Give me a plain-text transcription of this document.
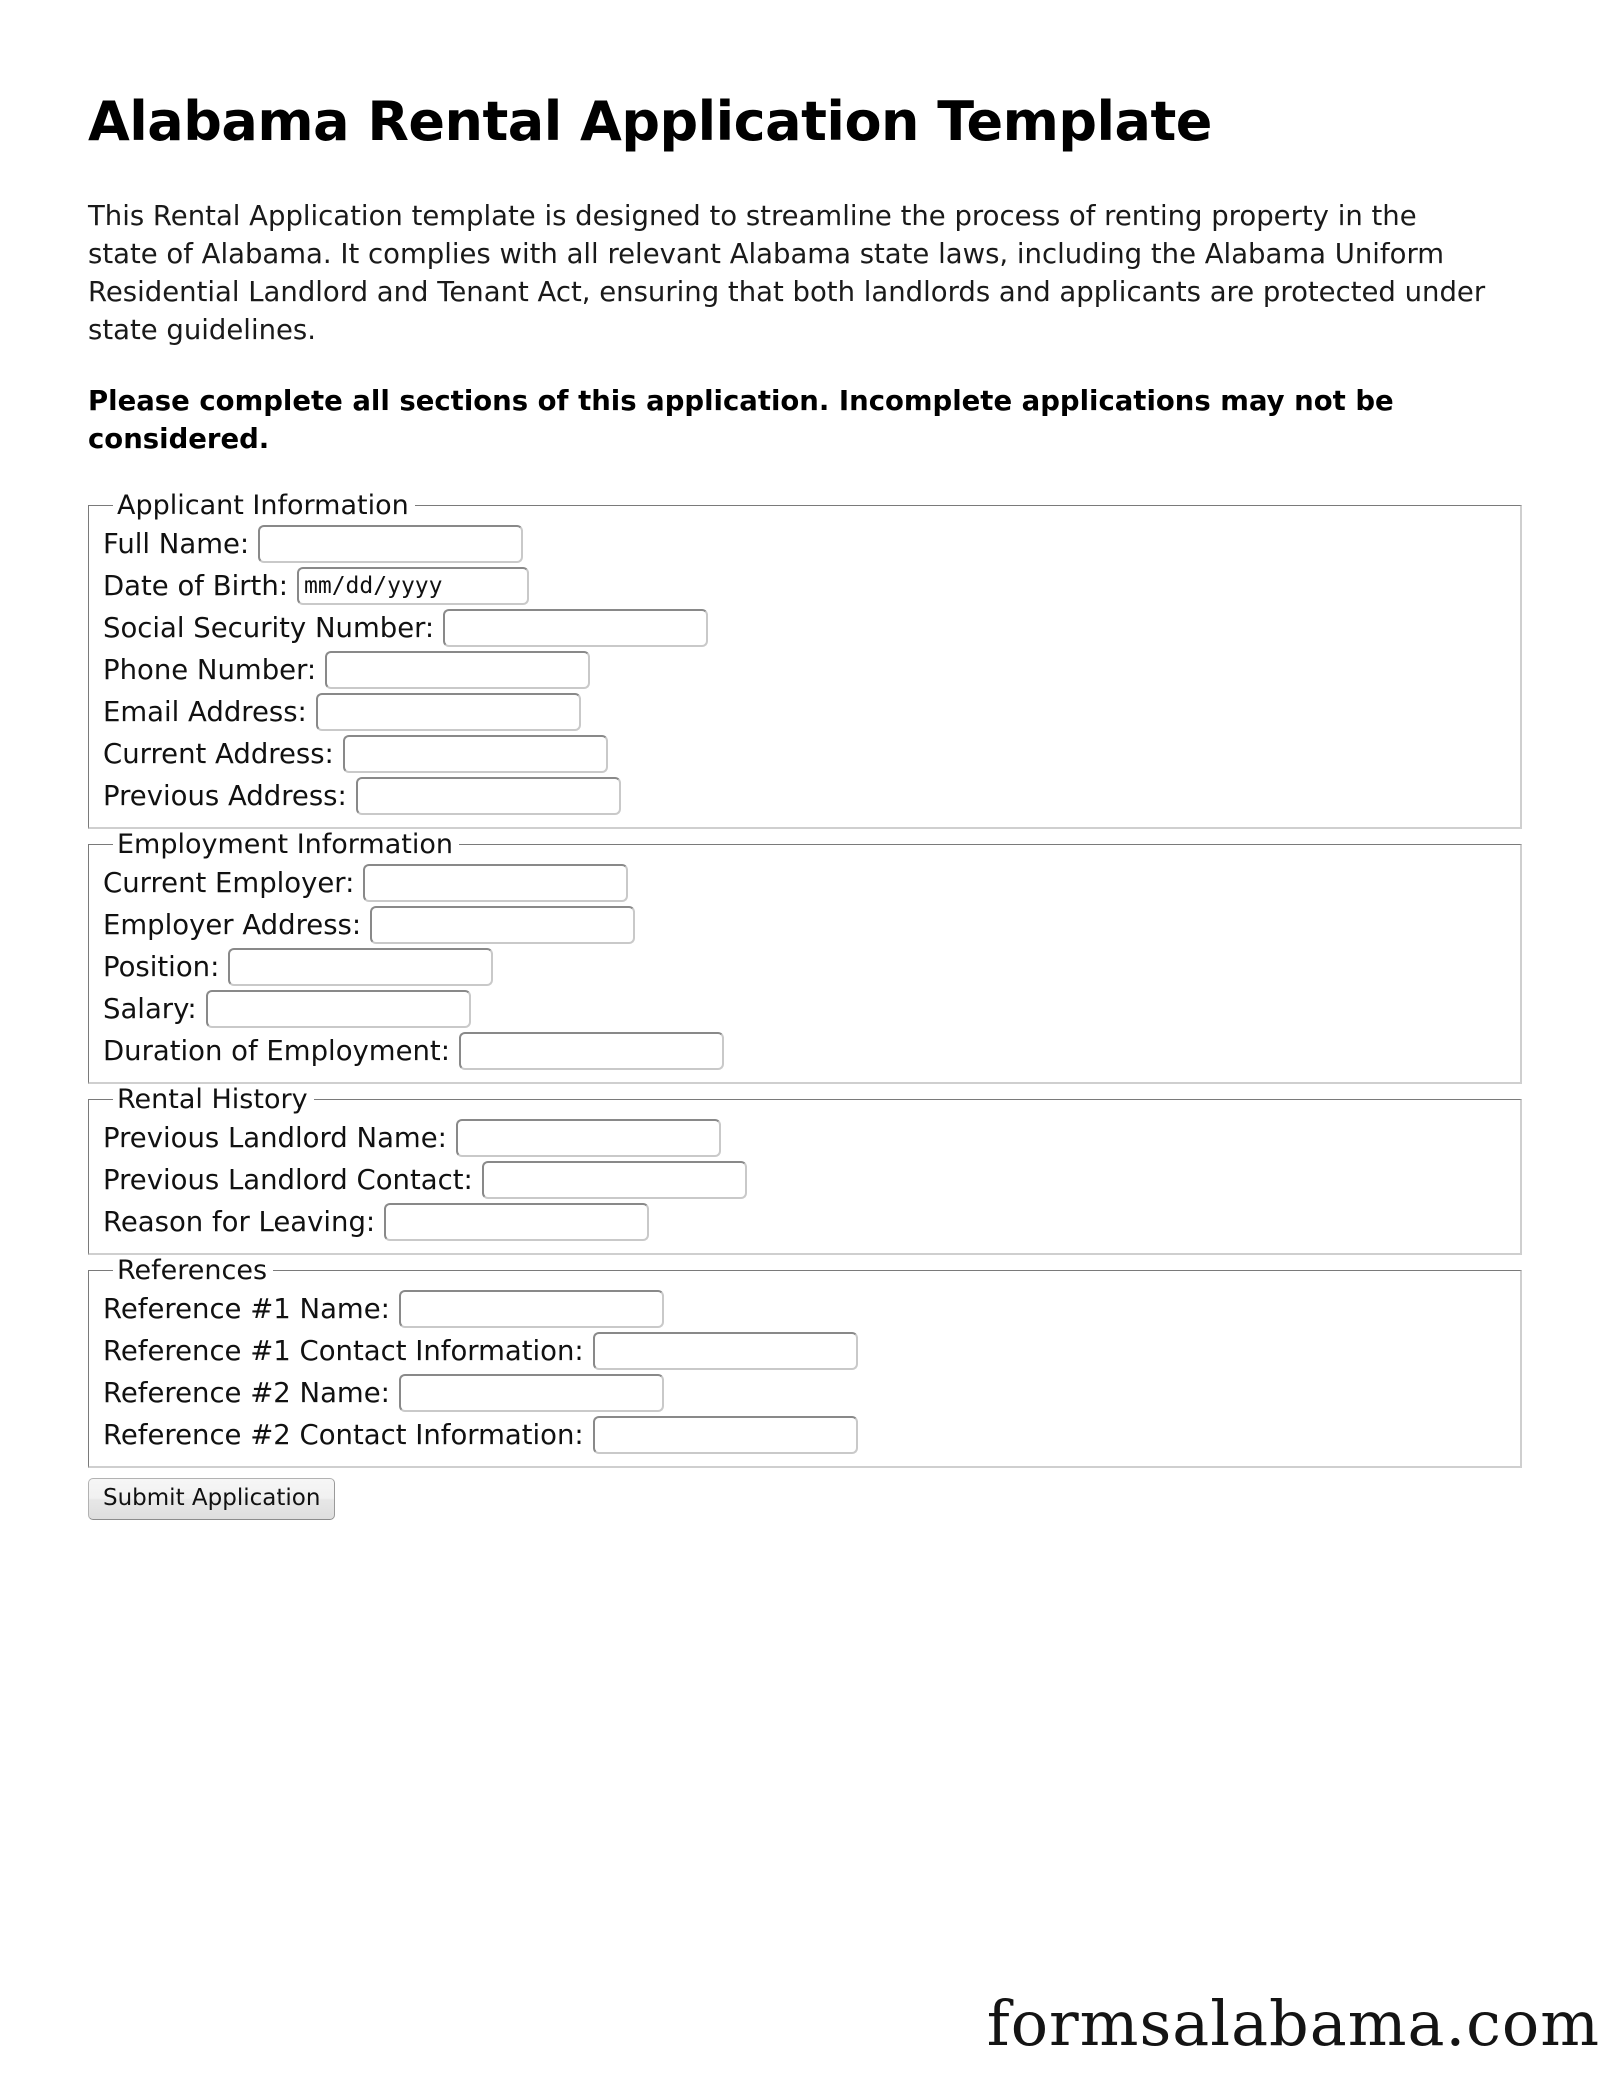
Alabama Rental Application Template

This Rental Application template is designed to streamline the process of renting property in the state of Alabama. It complies with all relevant Alabama state laws, including the Alabama Uniform Residential Landlord and Tenant Act, ensuring that both landlords and applicants are protected under state guidelines.

Please complete all sections of this application. Incomplete applications may not be considered.

Applicant Information
Full Name:
Date of Birth:
mm/dd/yyyy
Social Security Number:
Phone Number:
Email Address:
Current Address:
Previous Address:
Employment Information
Current Employer:
Employer Address:
Position:
Salary:
Duration of Employment:
Rental History
Previous Landlord Name:
Previous Landlord Contact:
Reason for Leaving:
References
Reference #1 Name:
Reference #1 Contact Information:
Reference #2 Name:
Reference #2 Contact Information:
Submit Application
formsalabama.com
